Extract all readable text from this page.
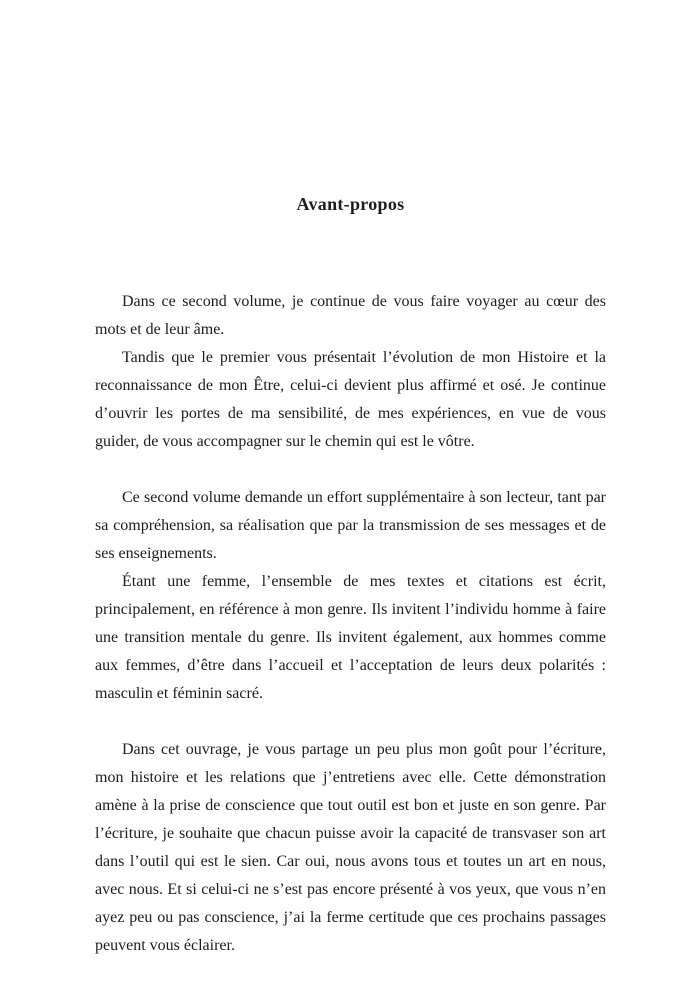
Avant-propos

Dans ce second volume, je continue de vous faire voyager au cœur des mots et de leur âme.

Tandis que le premier vous présentait l’évolution de mon Histoire et la reconnaissance de mon Être, celui-ci devient plus affirmé et osé. Je continue d’ouvrir les portes de ma sensibilité, de mes expériences, en vue de vous guider, de vous accompagner sur le chemin qui est le vôtre.

Ce second volume demande un effort supplémentaire à son lecteur, tant par sa compréhension, sa réalisation que par la transmission de ses messages et de ses enseignements.

Étant une femme, l’ensemble de mes textes et citations est écrit, principalement, en référence à mon genre. Ils invitent l’individu homme à faire une transition mentale du genre. Ils invitent également, aux hommes comme aux femmes, d’être dans l’accueil et l’acceptation de leurs deux polarités : masculin et féminin sacré.

Dans cet ouvrage, je vous partage un peu plus mon goût pour l’écriture, mon histoire et les relations que j’entretiens avec elle. Cette démonstration amène à la prise de conscience que tout outil est bon et juste en son genre. Par l’écriture, je souhaite que chacun puisse avoir la capacité de transvaser son art dans l’outil qui est le sien. Car oui, nous avons tous et toutes un art en nous, avec nous. Et si celui-ci ne s’est pas encore présenté à vos yeux, que vous n’en ayez peu ou pas conscience, j’ai la ferme certitude que ces prochains passages peuvent vous éclairer.
